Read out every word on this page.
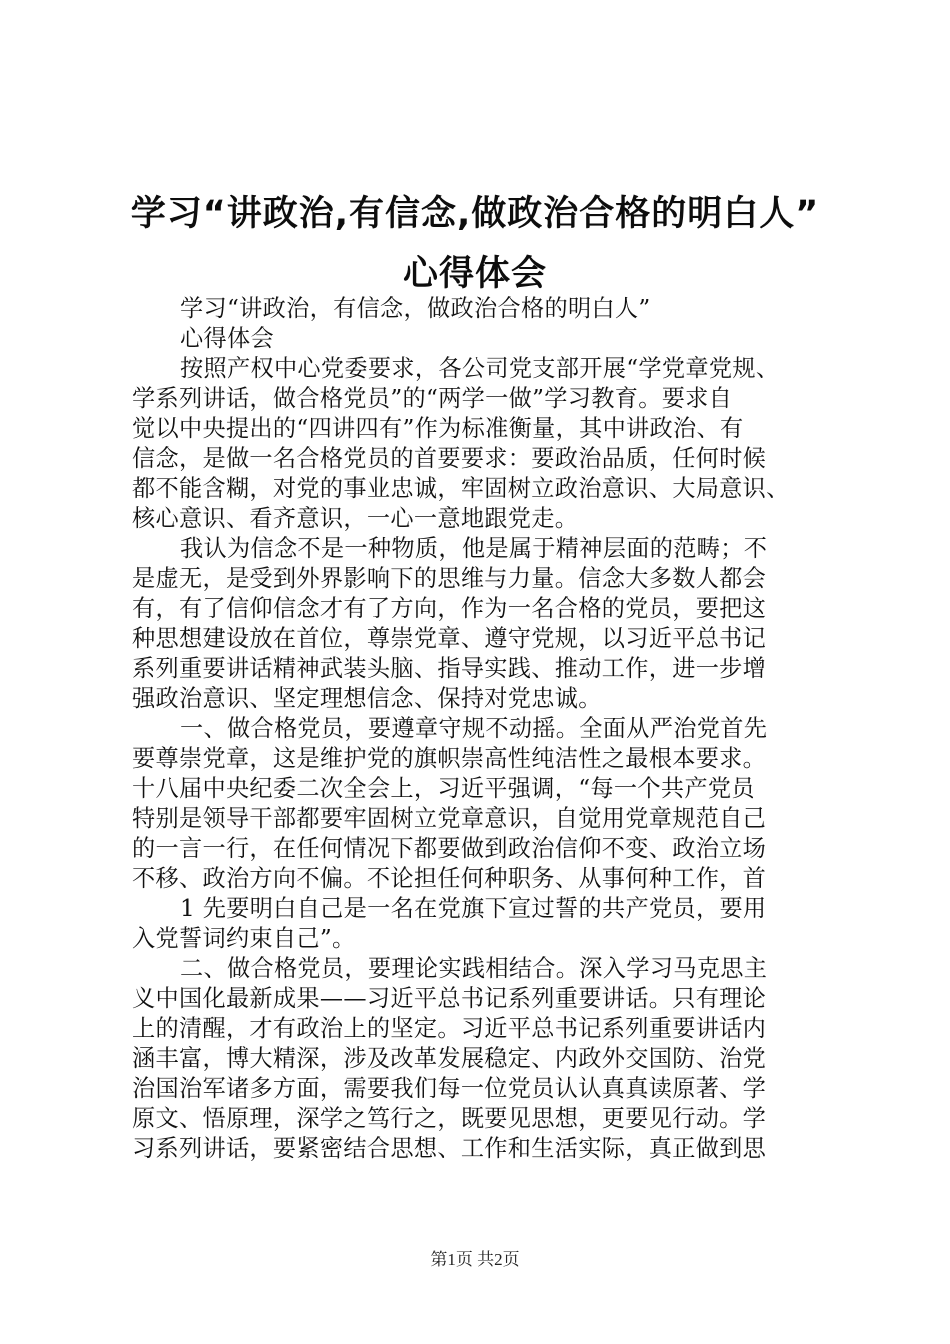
学习“讲政治,有信念,做政治合格的明白人”
心得体会
学习“讲政治，有信念，做政治合格的明白人”
心得体会
按照产权中心党委要求，各公司党支部开展“学党章党规、
学系列讲话，做合格党员”的“两学一做”学习教育。要求自
觉以中央提出的“四讲四有”作为标准衡量，其中讲政治、有
信念，是做一名合格党员的首要要求：要政治品质，任何时候
都不能含糊，对党的事业忠诚，牢固树立政治意识、大局意识、
核心意识、看齐意识，一心一意地跟党走。
我认为信念不是一种物质，他是属于精神层面的范畴；不
是虚无，是受到外界影响下的思维与力量。信念大多数人都会
有，有了信仰信念才有了方向，作为一名合格的党员，要把这
种思想建设放在首位，尊崇党章、遵守党规，以习近平总书记
系列重要讲话精神武装头脑、指导实践、推动工作，进一步增
强政治意识、坚定理想信念、保持对党忠诚。
一、做合格党员，要遵章守规不动摇。全面从严治党首先
要尊崇党章，这是维护党的旗帜崇高性纯洁性之最根本要求。
十八届中央纪委二次全会上，习近平强调，“每一个共产党员
特别是领导干部都要牢固树立党章意识，自觉用党章规范自己
的一言一行，在任何情况下都要做到政治信仰不变、政治立场
不移、政治方向不偏。不论担任何种职务、从事何种工作，首
1 先要明白自己是一名在党旗下宣过誓的共产党员，要用
入党誓词约束自己”。
二、做合格党员，要理论实践相结合。深入学习马克思主
义中国化最新成果——习近平总书记系列重要讲话。只有理论
上的清醒，才有政治上的坚定。习近平总书记系列重要讲话内
涵丰富，博大精深，涉及改革发展稳定、内政外交国防、治党
治国治军诸多方面，需要我们每一位党员认认真真读原著、学
原文、悟原理，深学之笃行之，既要见思想，更要见行动。学
习系列讲话，要紧密结合思想、工作和生活实际，真正做到思
第1页 共2页
